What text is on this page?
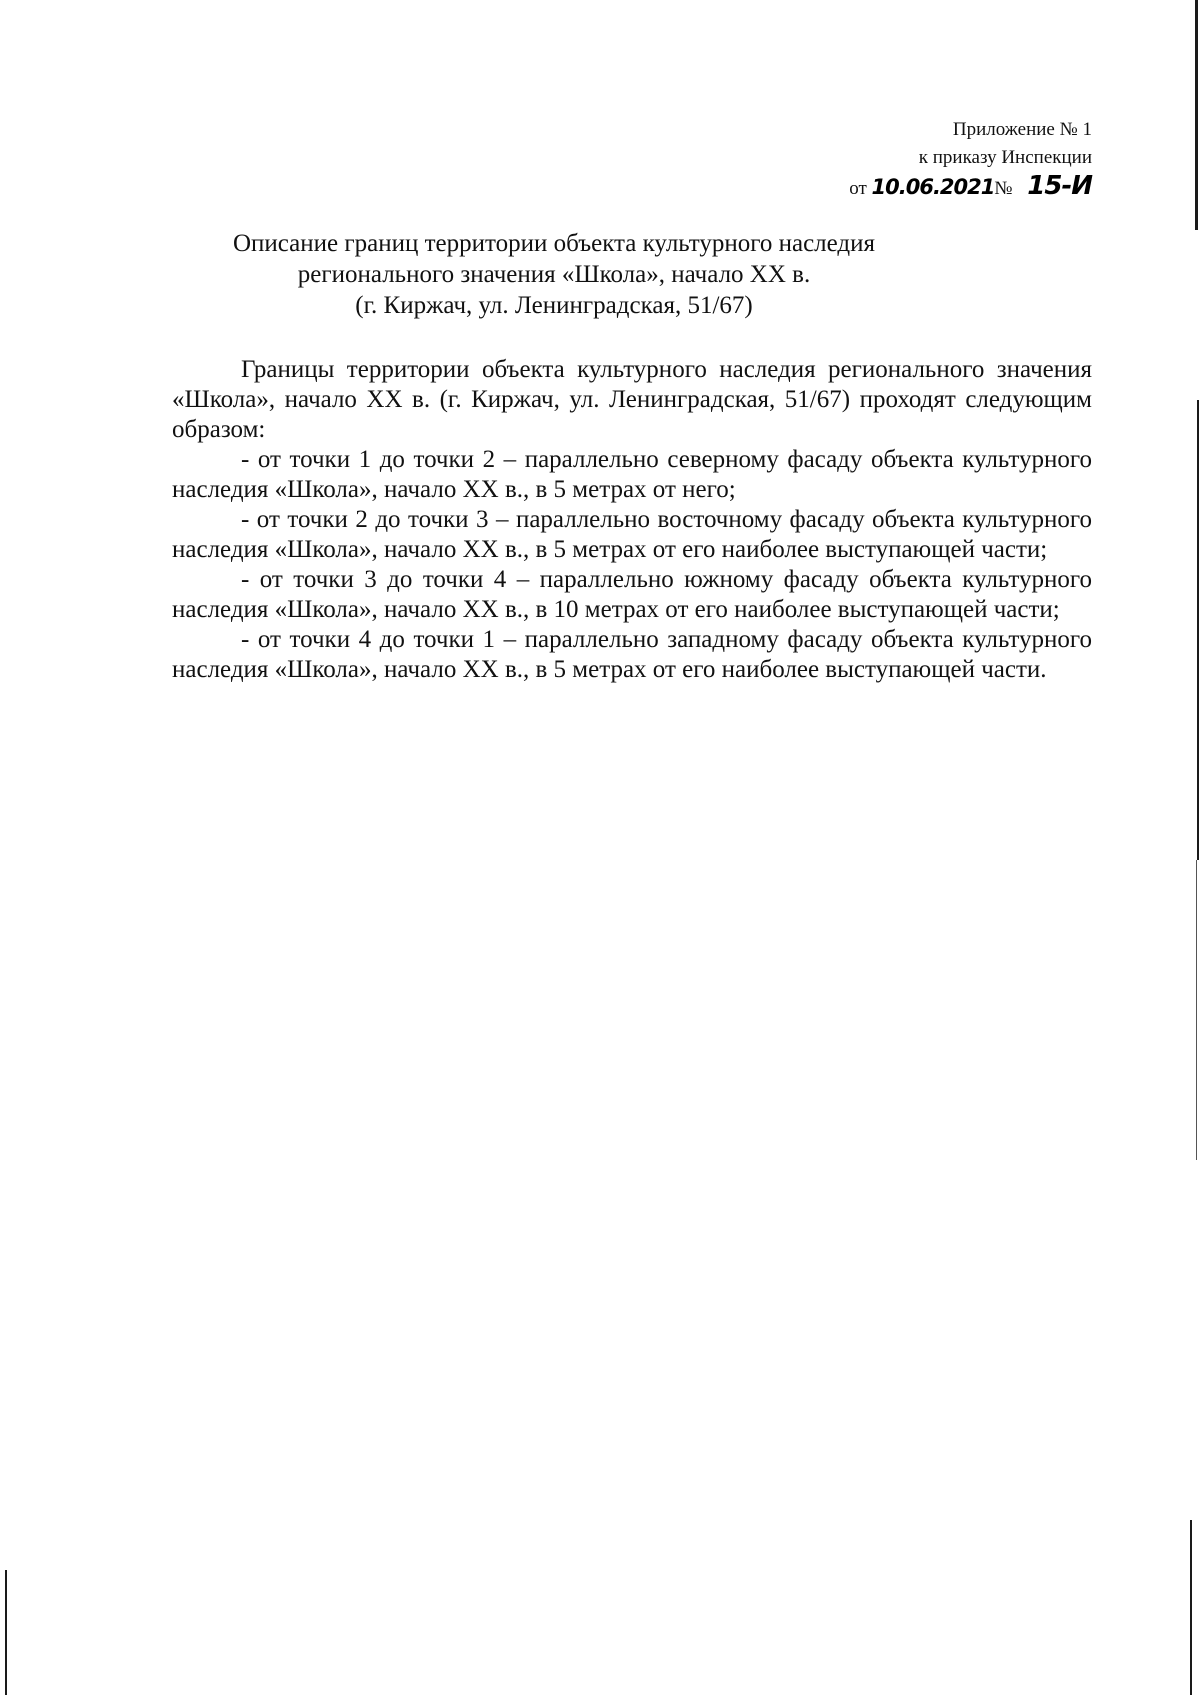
Приложение № 1
к приказу Инспекции
от 10.06.2021№ 15-И
Описание границ территории объекта культурного наследия
регионального значения «Школа», начало XX в.
(г. Киржач, ул. Ленинградская, 51/67)

Границы территории объекта культурного наследия регионального значения «Школа», начало XX в. (г. Киржач, ул. Ленинградская, 51/67) проходят следующим образом:

- от точки 1 до точки 2 – параллельно северному фасаду объекта культурного наследия «Школа», начало XX в., в 5 метрах от него;

- от точки 2 до точки 3 – параллельно восточному фасаду объекта культурного наследия «Школа», начало XX в., в 5 метрах от его наиболее выступающей части;

- от точки 3 до точки 4 – параллельно южному фасаду объекта культурного наследия «Школа», начало XX в., в 10 метрах от его наиболее выступающей части;

- от точки 4 до точки 1 – параллельно западному фасаду объекта культурного наследия «Школа», начало XX в., в 5 метрах от его наиболее выступающей части.
